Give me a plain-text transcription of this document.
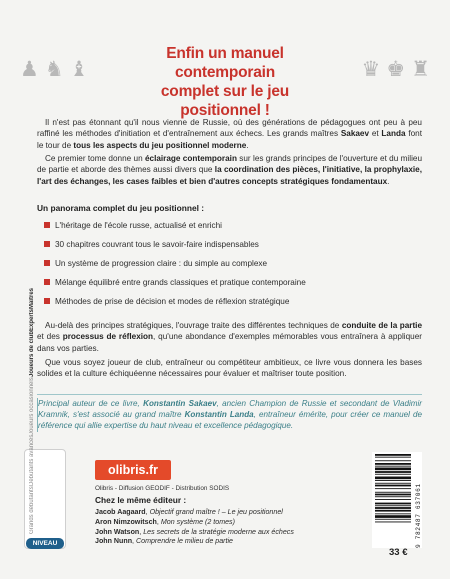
♟ ♞ ♝
Enfin un manuel contemporain
complet sur le jeu positionnel !
♛ ♚ ♜

Il n'est pas étonnant qu'il nous vienne de Russie, où des générations de pédagogues ont peu à peu raffiné les méthodes d'initiation et d'entraînement aux échecs. Les grands maîtres Sakaev et Landa font le tour de tous les aspects du jeu positionnel moderne.

Ce premier tome donne un éclairage contemporain sur les grands principes de l'ouverture et du milieu de partie et aborde des thèmes aussi divers que la coordination des pièces, l'initiative, la prophylaxie, l'art des échanges, les cases faibles et bien d'autres concepts stratégiques fondamentaux.

Un panorama complet du jeu positionnel :
L'héritage de l'école russe, actualisé et enrichi
30 chapitres couvrant tous le savoir-faire indispensables
Un système de progression claire : du simple au complexe
Mélange équilibré entre grands classiques et pratique contemporaine
Méthodes de prise de décision et modes de réflexion stratégique

Au-delà des principes stratégiques, l'ouvrage traite des différentes techniques de conduite de la partie et des processus de réflexion, qu'une abondance d'exemples mémorables vous entraînera à appliquer dans vos parties.

Que vous soyez joueur de club, entraîneur ou compétiteur ambitieux, ce livre vous donnera les bases solides et la culture échiquéenne nécessaires pour évaluer et maîtriser toute position.

Principal auteur de ce livre, Konstantin Sakaev, ancien Champion de Russie et secondant de Vladimir Kramnik, s'est associé au grand maître Konstantin Landa, entraîneur émérite, pour créer ce manuel de référence qui allie expertise du haut niveau et excellence pédagogique.

Grands débutants
Débutants avancés
Joueurs occasionnels
Joueurs de club
Experts
Maîtres
NIVEAU
olibris.fr
Olibris - Diffusion GEODIF - Distribution SODIS
Chez le même éditeur :
Jacob Aagaard, Objectif grand maître ! – Le jeu positionnel
Aron Nimzowitsch, Mon système (2 tomes)
John Watson, Les secrets de la stratégie moderne aux échecs
John Nunn, Comprendre le milieu de partie	9 782487 637061
33 €
